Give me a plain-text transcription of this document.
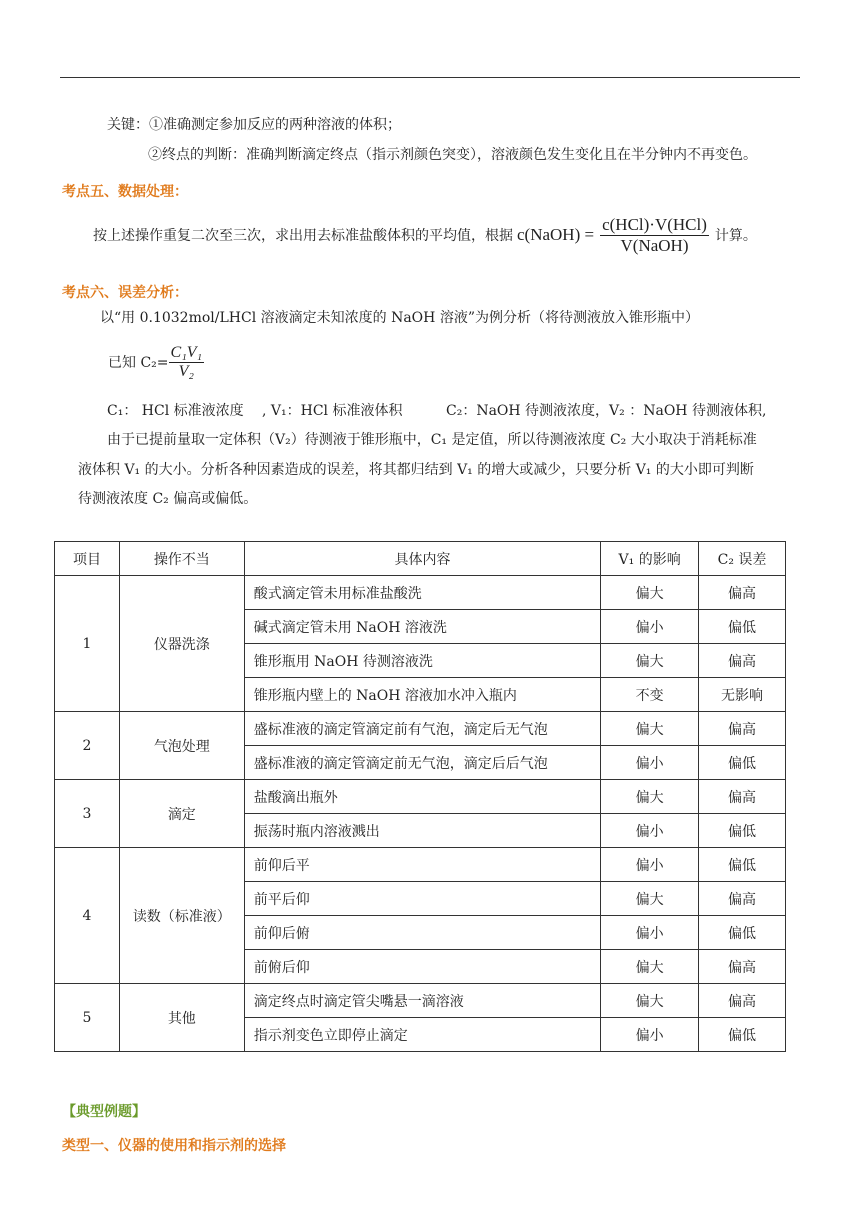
关键：①准确测定参加反应的两种溶液的体积；
②终点的判断：准确判断滴定终点（指示剂颜色突变），溶液颜色发生变化且在半分钟内不再变色。
考点五、数据处理：
按上述操作重复二次至三次，求出用去标准盐酸体积的平均值，根据 c(NaOH) = $\frac{\text{c(HCl)·V(HCl)}}{\text{V(NaOH)}}$ 计算。
考点六、误差分析：
以“用 0.1032mol/LHCl 溶液滴定未知浓度的 NaOH 溶液”为例分析（将待测液放入锥形瓶中）
已知 $C_2= \frac{\text{C₁V₁}}{\text{V₂}}$
C₁： HCl 标准液浓度 , V₁：HCl 标准液体积	C₂：NaOH 待测液浓度，V₂ ：NaOH 待测液体积,
由于已提前量取一定体积（V₂）待测液于锥形瓶中，C₁ 是定值，所以待测液浓度 C₂ 大小取决于消耗标准
液体积 V₁ 的大小。分析各种因素造成的误差，将其都归结到 V₁ 的增大或减少，只要分析 V₁ 的大小即可判断
待测液浓度 C₂ 偏高或偏低。
项目	操作不当	具体内容	V₁ 的影响	C₂ 误差
1	仪器洗涤	酸式滴定管未用标准盐酸洗	偏大	偏高
		碱式滴定管未用 NaOH 溶液洗	偏小	偏低
		锥形瓶用 NaOH 待测溶液洗	偏大	偏高
		锥形瓶内壁上的 NaOH 溶液加水冲入瓶内	不变	无影响
2	气泡处理	盛标准液的滴定管滴定前有气泡，滴定后无气泡	偏大	偏高
		盛标准液的滴定管滴定前无气泡，滴定后后气泡	偏小	偏低
3	滴定	盐酸滴出瓶外	偏大	偏高
		振荡时瓶内溶液溅出	偏小	偏低
4	读数（标准液）	前仰后平	偏小	偏低
		前平后仰	偏大	偏高
		前仰后俯	偏小	偏低
		前俯后仰	偏大	偏高
5	其他	滴定终点时滴定管尖嘴悬一滴溶液	偏大	偏高
		指示剂变色立即停止滴定	偏小	偏低
【典型例题】
类型一、仪器的使用和指示剂的选择
